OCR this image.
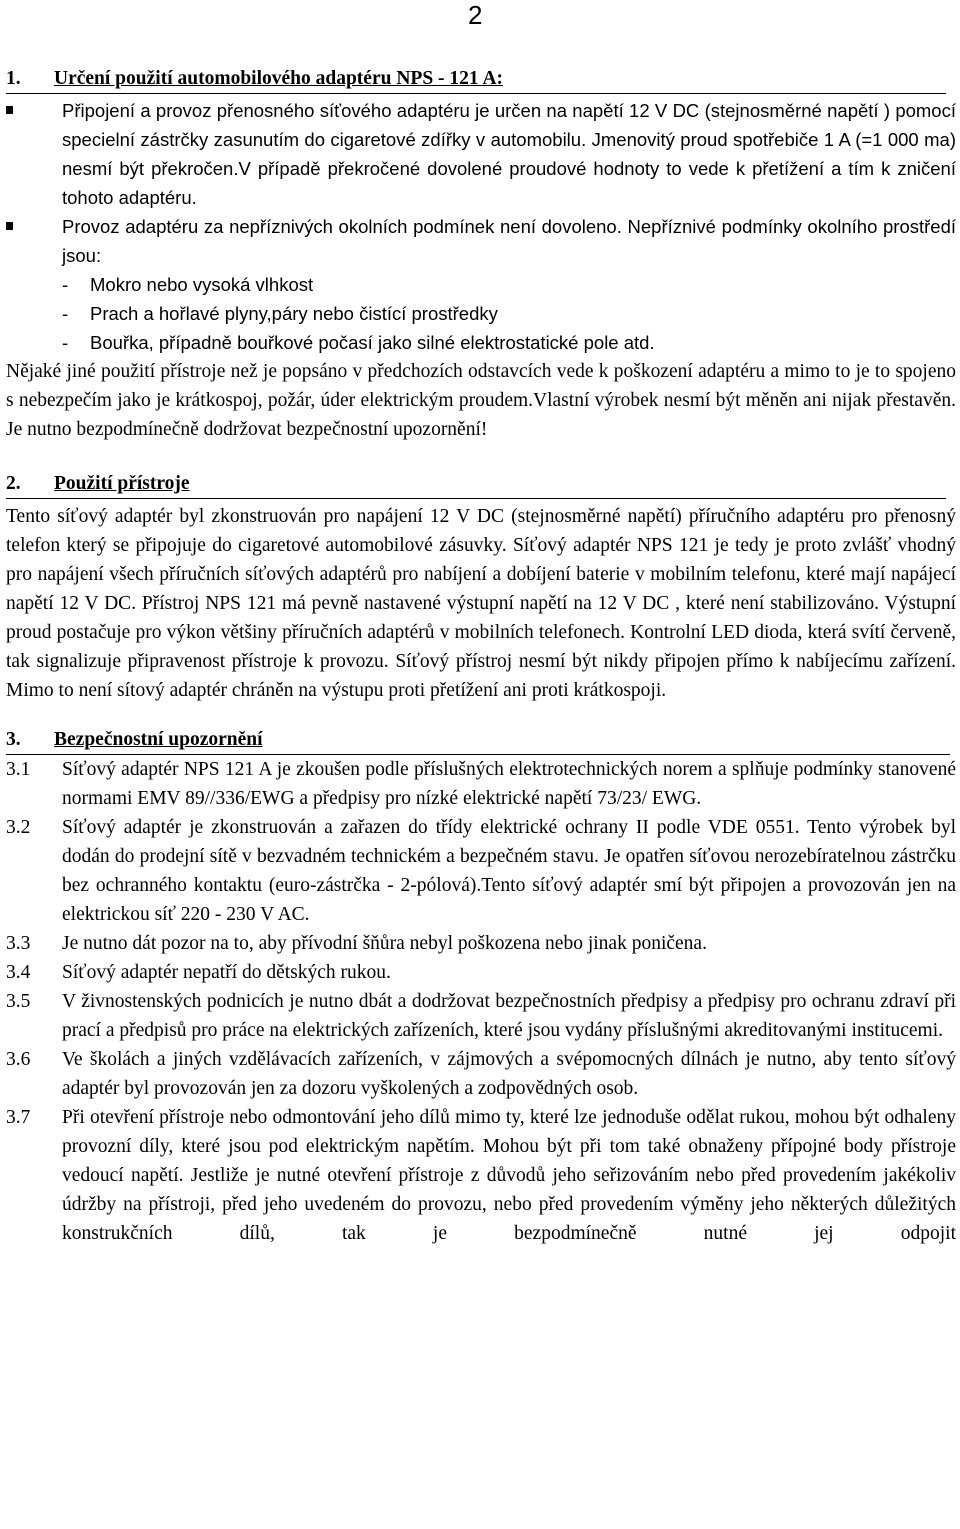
2
1.	Určení použití automobilového adaptéru NPS - 121 A:
Připojení a provoz přenosného síťového adaptéru je určen na napětí 12 V DC (stejnosměrné napětí ) pomocí specielní zástrčky zasunutím do cigaretové zdířky v automobilu. Jmenovitý proud spotřebiče 1 A (=1 000 ma) nesmí být překročen.V případě překročené dovolené proudové hodnoty to vede k přetížení a tím k zničení tohoto adaptéru.
Provoz adaptéru za nepříznivých okolních podmínek není dovoleno. Nepříznivé podmínky okolního prostředí jsou:
-	Mokro nebo vysoká vlhkost
-	Prach a hořlavé plyny,páry nebo čistící prostředky
-	Bouřka, případně bouřkové počasí jako silné elektrostatické pole atd.
Nějaké jiné použití přístroje než je popsáno v předchozích odstavcích vede k poškození adaptéru a mimo to je to spojeno s nebezpečím jako je krátkospoj, požár, úder elektrickým proudem.Vlastní výrobek nesmí být měněn ani nijak přestavěn. Je nutno bezpodmínečně dodržovat bezpečnostní upozornění!
2.	Použití přístroje
Tento síťový adaptér byl zkonstruován pro napájení 12 V DC (stejnosměrné napětí) příručního adaptéru pro přenosný telefon který se připojuje do cigaretové automobilové zásuvky. Síťový adaptér NPS 121 je tedy je proto zvlášť vhodný pro napájení všech příručních síťových adaptérů pro nabíjení a dobíjení baterie v mobilním telefonu, které mají napájecí napětí 12 V DC. Přístroj NPS 121 má pevně nastavené výstupní napětí na 12 V DC , které není stabilizováno. Výstupní proud postačuje pro výkon většiny příručních adaptérů v mobilních telefonech. Kontrolní LED dioda, která svítí červeně, tak signalizuje připravenost přístroje k provozu. Síťový přístroj nesmí být nikdy připojen přímo k nabíjecímu zařízení. Mimo to není sítový adaptér chráněn na výstupu proti přetížení ani proti krátkospoji.
3.	Bezpečnostní upozornění
3.1	Síťový adaptér NPS 121 A je zkoušen podle příslušných elektrotechnických norem a splňuje podmínky stanovené normami EMV 89//336/EWG a předpisy pro nízké elektrické napětí 73/23/ EWG.
3.2	Síťový adaptér je zkonstruován a zařazen do třídy elektrické ochrany II podle VDE 0551. Tento výrobek byl dodán do prodejní sítě v bezvadném technickém a bezpečném stavu. Je opatřen síťovou nerozebíratelnou zástrčku bez ochranného kontaktu (euro-zástrčka - 2-pólová).Tento síťový adaptér smí být připojen a provozován jen na elektrickou síť 220 - 230 V AC.
3.3	Je nutno dát pozor na to, aby přívodní šňůra nebyl poškozena nebo jinak poničena.
3.4	Síťový adaptér nepatří do dětských rukou.
3.5	V živnostenských podnicích je nutno dbát a dodržovat bezpečnostních předpisy a předpisy pro ochranu zdraví při prací a předpisů pro práce na elektrických zařízeních, které jsou vydány příslušnými akreditovanými institucemi.
3.6	Ve školách a jiných vzdělávacích zařízeních, v zájmových a svépomocných dílnách je nutno, aby tento síťový adaptér byl provozován jen za dozoru vyškolených a zodpovědných osob.
3.7	Při otevření přístroje nebo odmontování jeho dílů mimo ty, které lze jednoduše odělat rukou, mohou být odhaleny provozní díly, které jsou pod elektrickým napětím. Mohou být při tom také obnaženy přípojné body přístroje vedoucí napětí. Jestliže je nutné otevření přístroje z důvodů jeho seřizováním nebo před provedením jakékoliv údržby na přístroji, před jeho uvedeném do provozu, nebo před provedením výměny jeho některých důležitých konstrukčních dílů, tak je bezpodmínečně nutné jej odpojit
